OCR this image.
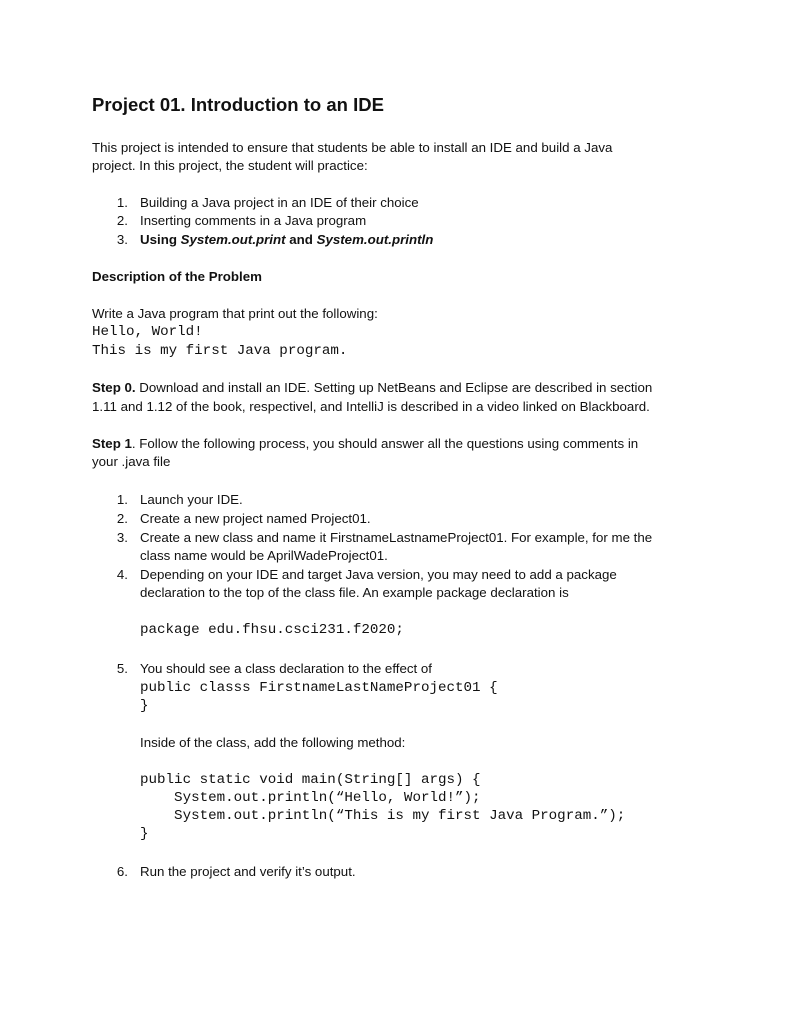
Project 01. Introduction to an IDE
This project is intended to ensure that students be able to install an IDE and build a Java
project. In this project, the student will practice:
1. Building a Java project in an IDE of their choice
2. Inserting comments in a Java program
3. Using System.out.print and System.out.println
Description of the Problem
Write a Java program that print out the following:
Hello, World!
This is my first Java program.
Step 0. Download and install an IDE. Setting up NetBeans and Eclipse are described in section
1.11 and 1.12 of the book, respectivel, and IntelliJ is described in a video linked on Blackboard.
Step 1. Follow the following process, you should answer all the questions using comments in
your .java file
1. Launch your IDE.
2. Create a new project named Project01.
3. Create a new class and name it FirstnameLastnameProject01. For example, for me the
class name would be AprilWadeProject01.
4. Depending on your IDE and target Java version, you may need to add a package
declaration to the top of the class file. An example package declaration is
package edu.fhsu.csci231.f2020;
5. You should see a class declaration to the effect of
public classs FirstnameLastNameProject01 {
}
Inside of the class, add the following method:
public static void main(String[] args) {
System.out.println(“Hello, World!”);
System.out.println(“This is my first Java Program.”);
}
6. Run the project and verify it’s output.
